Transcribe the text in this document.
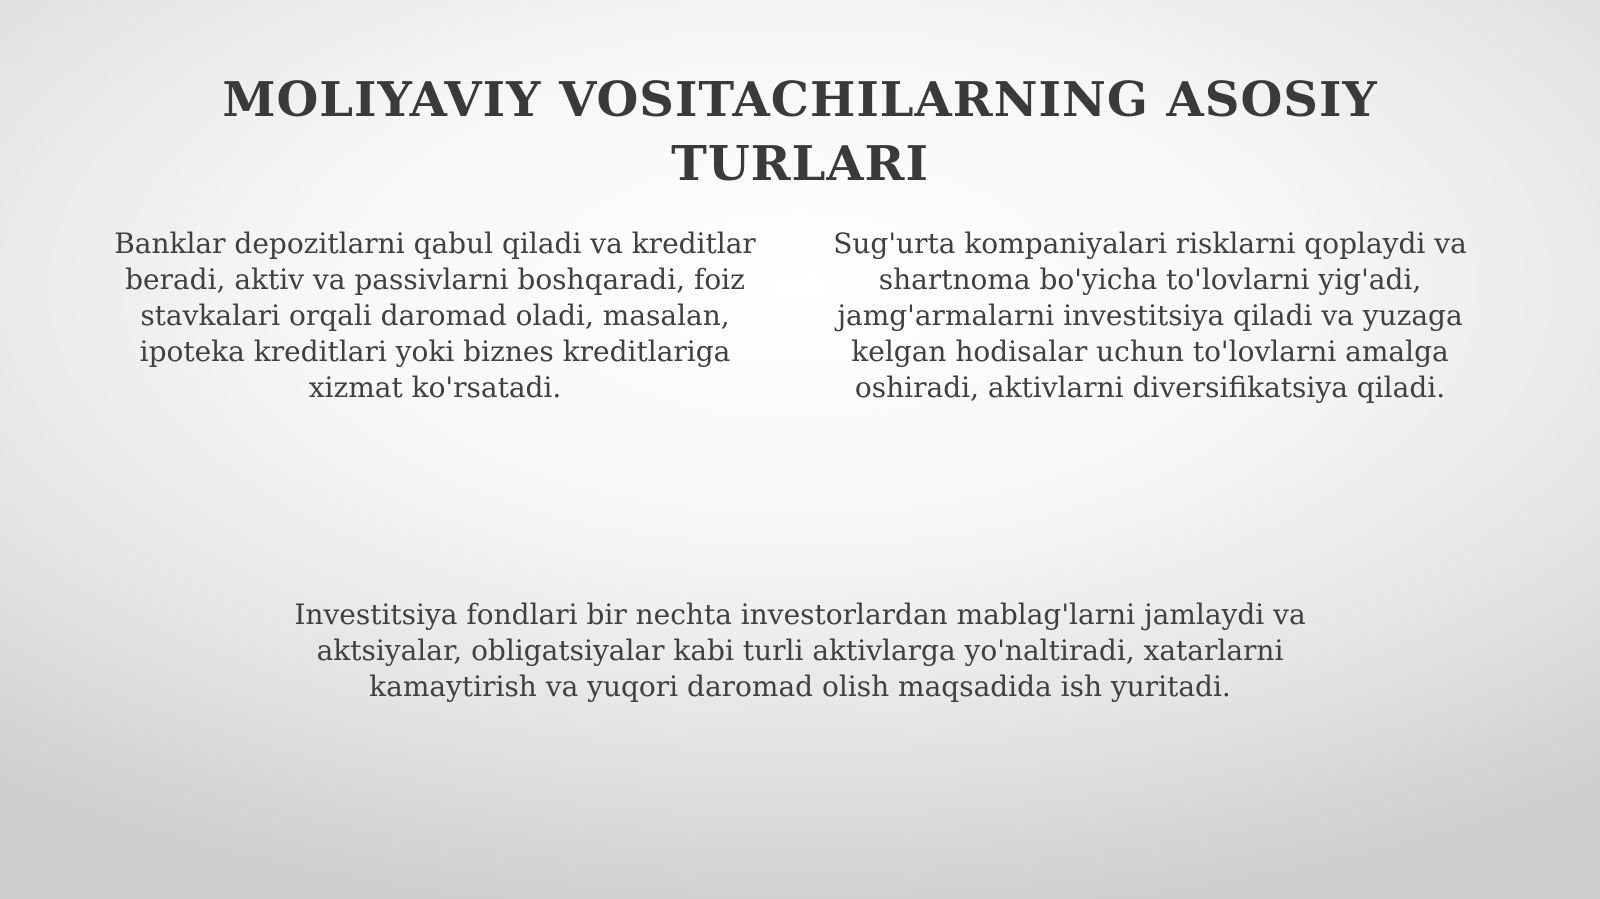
MOLIYAVIY VOSITACHILARNING ASOSIY TURLARI

Banklar depozitlarni qabul qiladi va kreditlar beradi, aktiv va passivlarni boshqaradi, foiz stavkalari orqali daromad oladi, masalan, ipoteka kreditlari yoki biznes kreditlariga xizmat ko'rsatadi.

Sug'urta kompaniyalari risklarni qoplaydi va shartnoma bo'yicha to'lovlarni yig'adi, jamg'armalarni investitsiya qiladi va yuzaga kelgan hodisalar uchun to'lovlarni amalga oshiradi, aktivlarni diversifikatsiya qiladi.

Investitsiya fondlari bir nechta investorlardan mablag'larni jamlaydi va aktsiyalar, obligatsiyalar kabi turli aktivlarga yo'naltiradi, xatarlarni kamaytirish va yuqori daromad olish maqsadida ish yuritadi.
